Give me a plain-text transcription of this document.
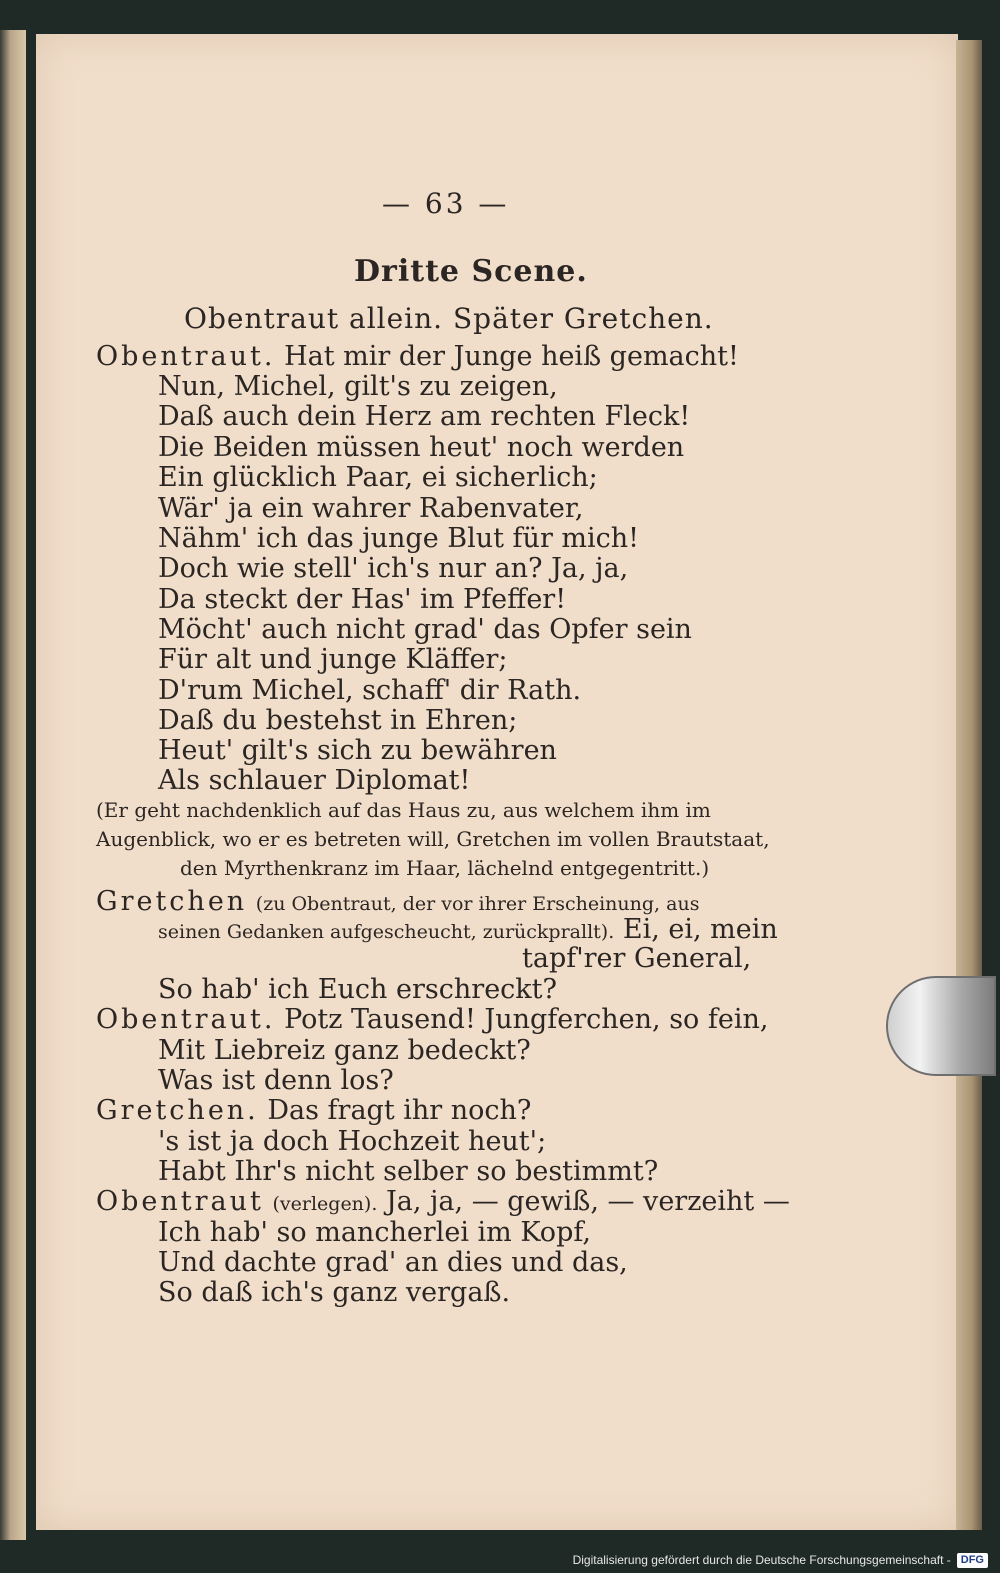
— 63 —
Dritte Scene.
Obentraut allein. Später Gretchen.
Obentraut. Hat mir der Junge heiß gemacht!
Nun, Michel, gilt's zu zeigen,
Daß auch dein Herz am rechten Fleck!
Die Beiden müssen heut' noch werden
Ein glücklich Paar, ei sicherlich;
Wär' ja ein wahrer Rabenvater,
Nähm' ich das junge Blut für mich!
Doch wie stell' ich's nur an? Ja, ja,
Da steckt der Has' im Pfeffer!
Möcht' auch nicht grad' das Opfer sein
Für alt und junge Kläffer;
D'rum Michel, schaff' dir Rath.
Daß du bestehst in Ehren;
Heut' gilt's sich zu bewähren
Als schlauer Diplomat!
(Er geht nachdenklich auf das Haus zu, aus welchem ihm im
Augenblick, wo er es betreten will, Gretchen im vollen Brautstaat,
den Myrthenkranz im Haar, lächelnd entgegentritt.)
Gretchen (zu Obentraut, der vor ihrer Erscheinung, aus
seinen Gedanken aufgescheucht, zurückprallt). Ei, ei, mein
tapf'rer General,
So hab' ich Euch erschreckt?
Obentraut. Potz Tausend! Jungferchen, so fein,
Mit Liebreiz ganz bedeckt?
Was ist denn los?
Gretchen. Das fragt ihr noch?
's ist ja doch Hochzeit heut';
Habt Ihr's nicht selber so bestimmt?
Obentraut (verlegen). Ja, ja, — gewiß, — verzeiht —
Ich hab' so mancherlei im Kopf,
Und dachte grad' an dies und das,
So daß ich's ganz vergaß.
Digitalisierung gefördert durch die Deutsche Forschungsgemeinschaft - DFG
